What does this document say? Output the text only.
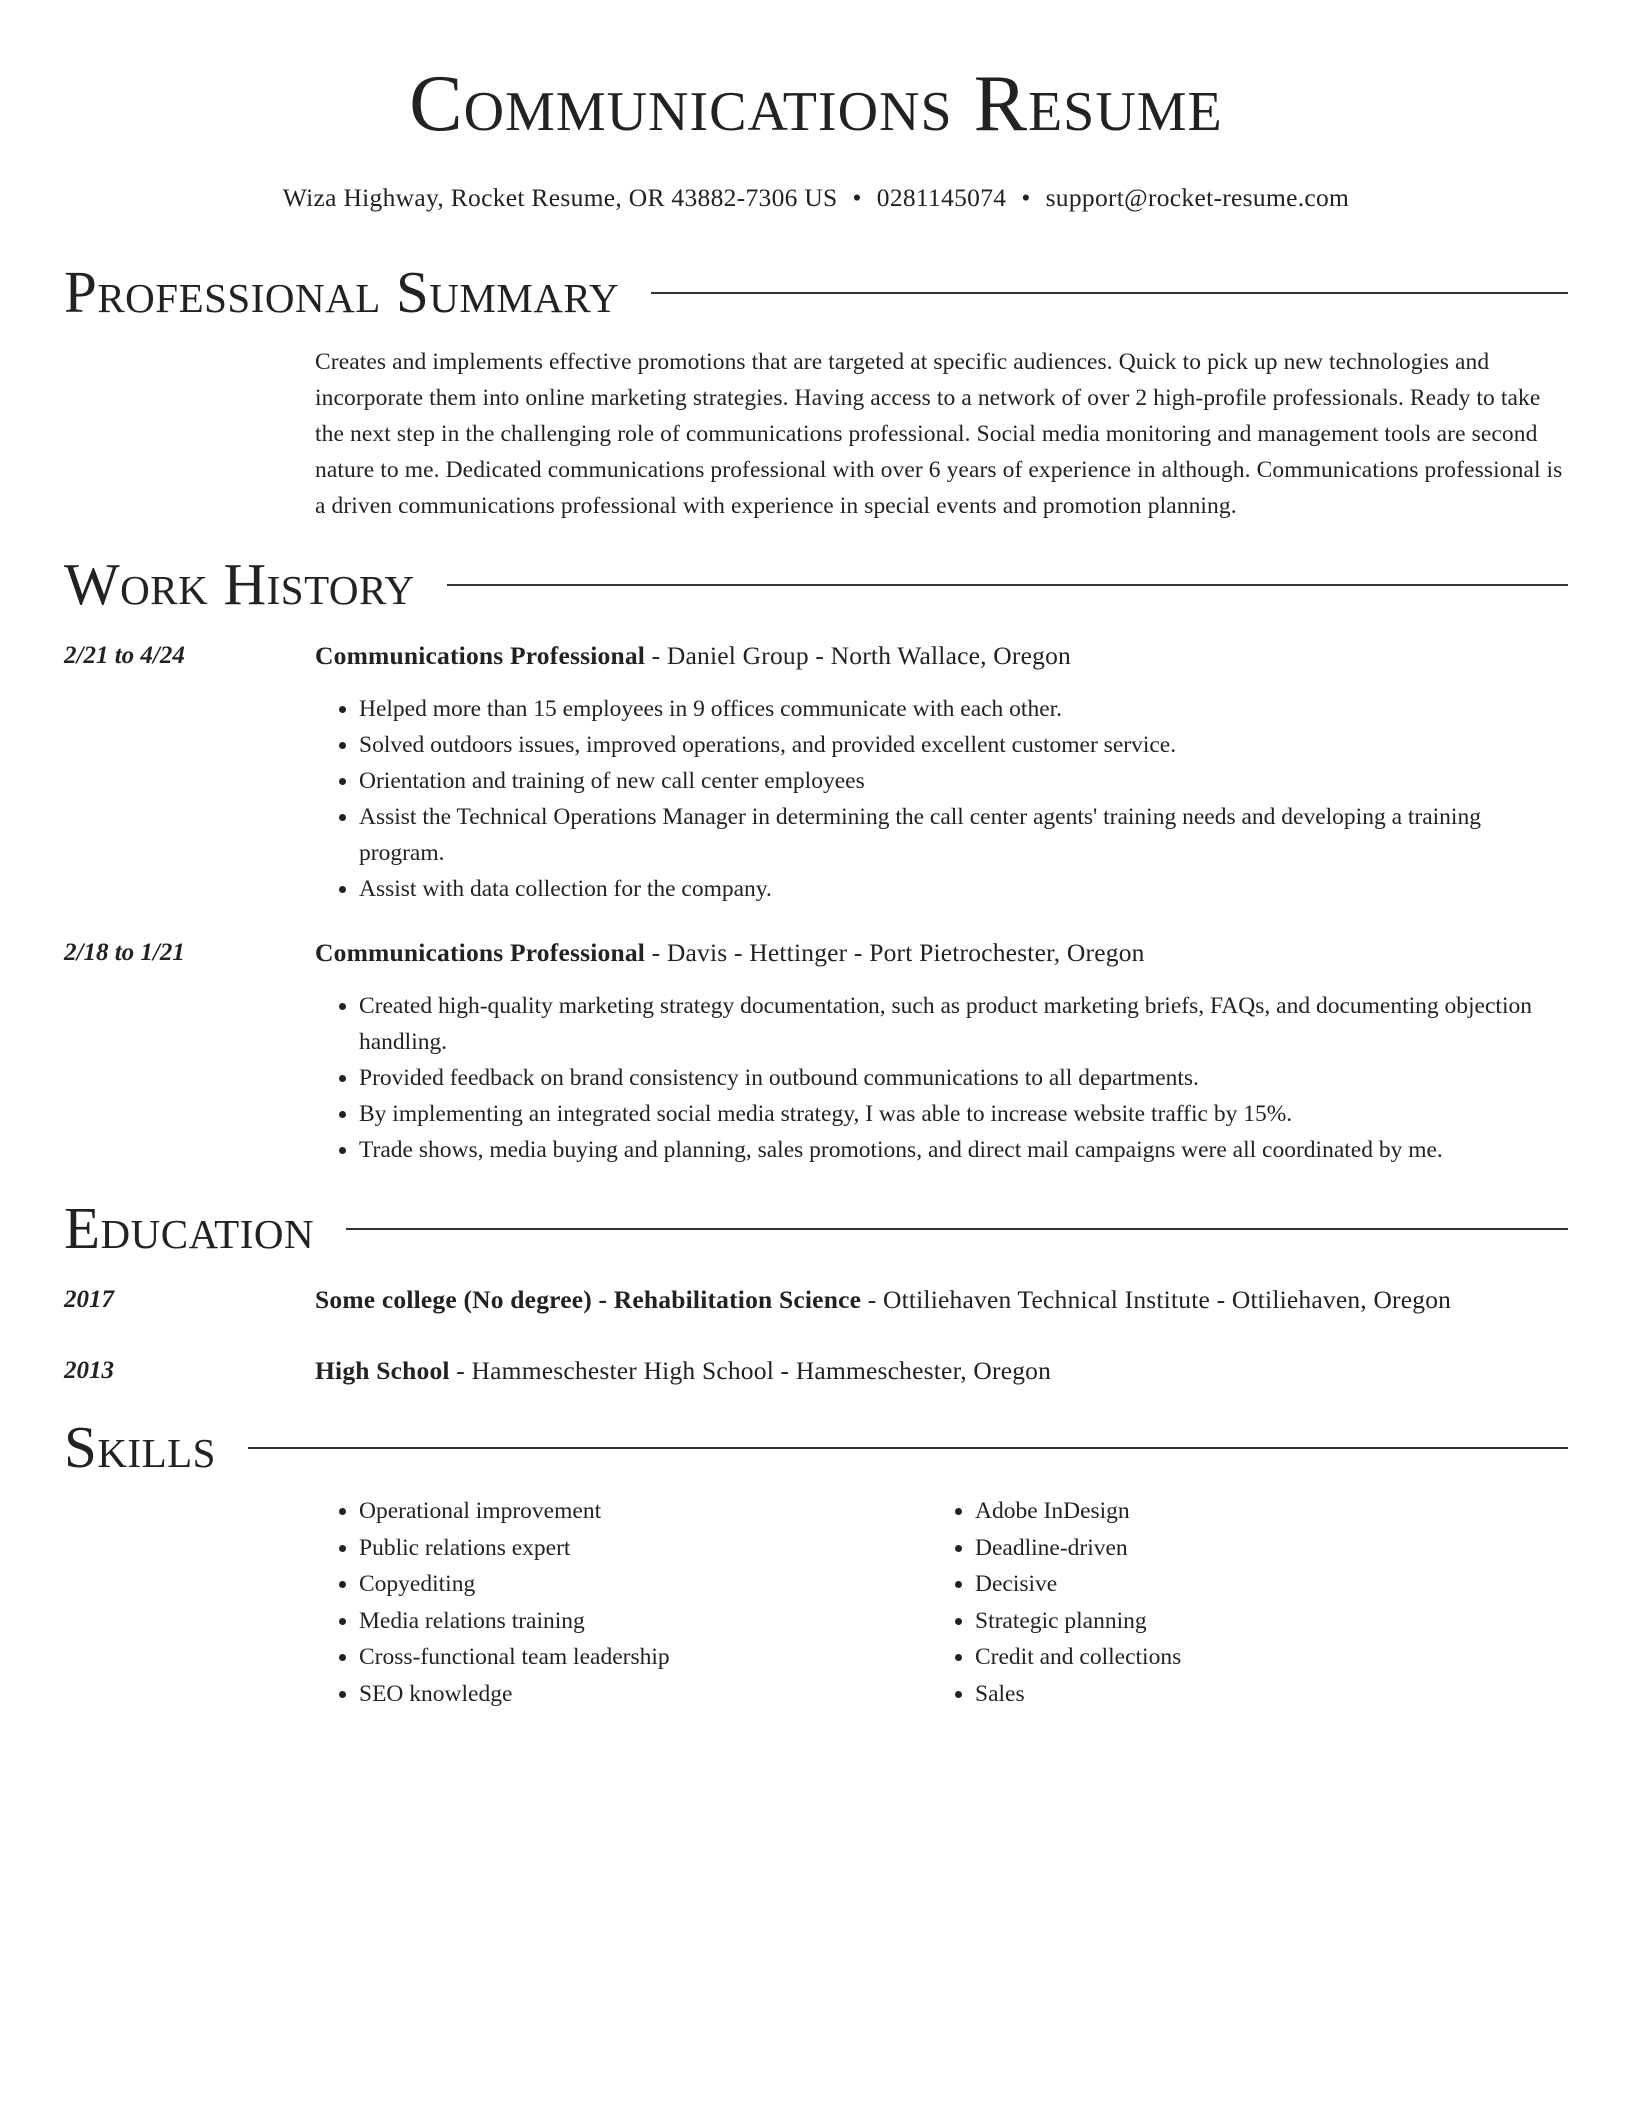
Communications Resume
Wiza Highway, Rocket Resume, OR 43882-7306 US • 0281145074 • support@rocket-resume.com
Professional Summary
Creates and implements effective promotions that are targeted at specific audiences. Quick to pick up new technologies and incorporate them into online marketing strategies. Having access to a network of over 2 high-profile professionals. Ready to take the next step in the challenging role of communications professional. Social media monitoring and management tools are second nature to me. Dedicated communications professional with over 6 years of experience in although. Communications professional is a driven communications professional with experience in special events and promotion planning.
Work History
2/21 to 4/24	Communications Professional - Daniel Group - North Wallace, Oregon
• Helped more than 15 employees in 9 offices communicate with each other.
• Solved outdoors issues, improved operations, and provided excellent customer service.
• Orientation and training of new call center employees
• Assist the Technical Operations Manager in determining the call center agents' training needs and developing a training program.
• Assist with data collection for the company.
2/18 to 1/21	Communications Professional - Davis - Hettinger - Port Pietrochester, Oregon
• Created high-quality marketing strategy documentation, such as product marketing briefs, FAQs, and documenting objection handling.
• Provided feedback on brand consistency in outbound communications to all departments.
• By implementing an integrated social media strategy, I was able to increase website traffic by 15%.
• Trade shows, media buying and planning, sales promotions, and direct mail campaigns were all coordinated by me.
Education
2017	Some college (No degree) - Rehabilitation Science - Ottiliehaven Technical Institute - Ottiliehaven, Oregon
2013	High School - Hammeschester High School - Hammeschester, Oregon
Skills
• Operational improvement
• Public relations expert
• Copyediting
• Media relations training
• Cross-functional team leadership
• SEO knowledge
• Adobe InDesign
• Deadline-driven
• Decisive
• Strategic planning
• Credit and collections
• Sales
